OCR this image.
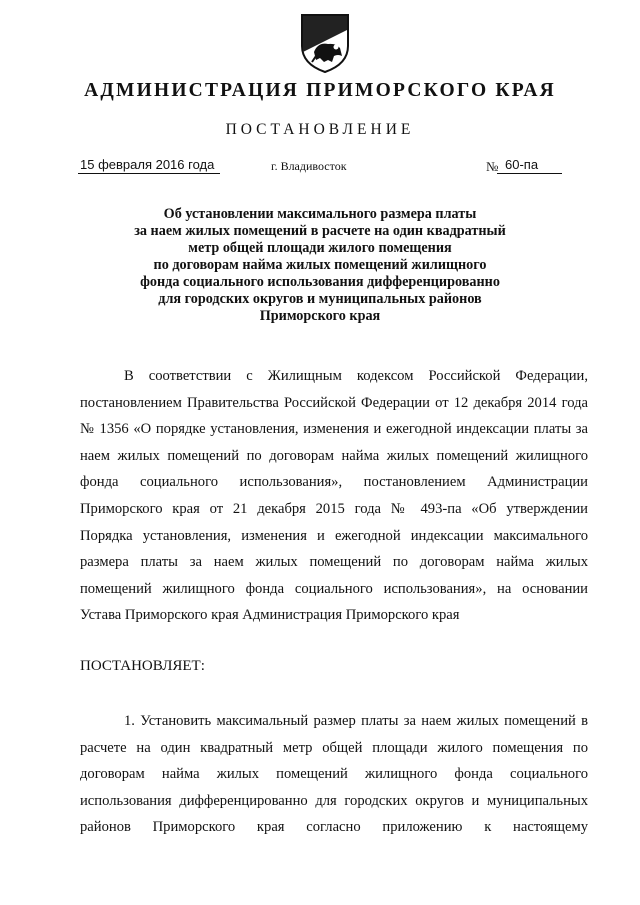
АДМИНИСТРАЦИЯ ПРИМОРСКОГО КРАЯ
ПОСТАНОВЛЕНИЕ
15 февраля 2016 года	г. Владивосток	№ 60-па
Об установлении максимального размера платы
за наем жилых помещений в расчете на один квадратный
метр общей площади жилого помещения
по договорам найма жилых помещений жилищного
фонда социального использования дифференцированно
для городских округов и муниципальных районов
Приморского края
В соответствии с Жилищным кодексом Российской Федерации,
постановлением Правительства Российской Федерации от 12 декабря 2014 года
№ 1356 «О порядке установления, изменения и ежегодной индексации платы за
наем жилых помещений по договорам найма жилых помещений жилищного
фонда социального использования», постановлением Администрации
Приморского края от 21 декабря 2015 года № 493-па «Об утверждении
Порядка установления, изменения и ежегодной индексации максимального
размера платы за наем жилых помещений по договорам найма жилых
помещений жилищного фонда социального использования», на основании
Устава Приморского края Администрация Приморского края
ПОСТАНОВЛЯЕТ:
1. Установить максимальный размер платы за наем жилых помещений в
расчете на один квадратный метр общей площади жилого помещения по
договорам найма жилых помещений жилищного фонда социального
использования дифференцированно для городских округов и муниципальных
районов Приморского края согласно приложению к настоящему
